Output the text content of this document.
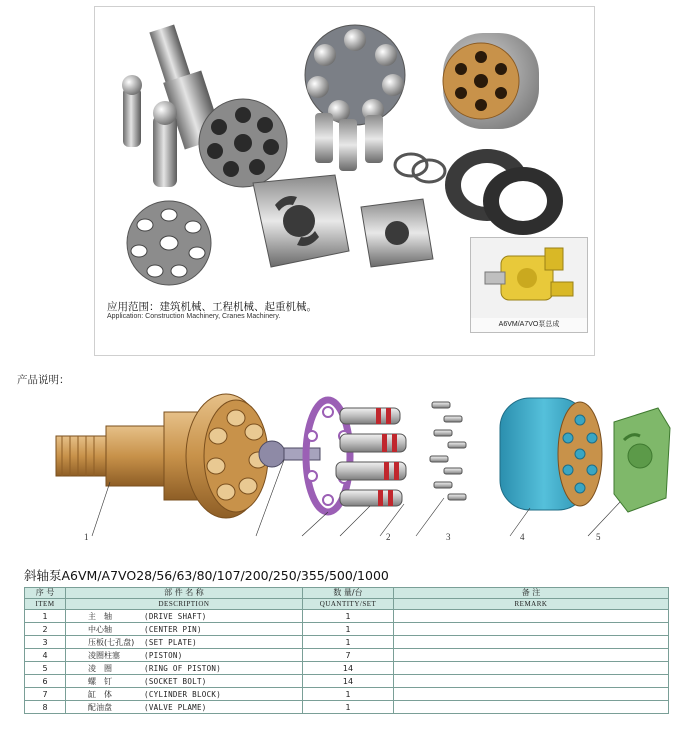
应用范围：建筑机械、工程机械、起重机械。
Application: Construction Machinery, Cranes Machinery.
A6VM/A7VO泵总成
产品说明：
1	2	3	4	5
斜轴泵A6VM/A7VO28/56/63/80/107/200/250/355/500/1000
序 号	部 件 名 称	数 量/台	备 注
ITEM	DESCRIPTION	QUANTITY/SET	REMARK
1	主　轴 (DRIVE SHAFT)	1	
2	中心轴 (CENTER PIN)	1	
3	压板(七孔盘) (SET PLATE)	1	
4	凌圈柱塞 (PISTON)	7	
5	凌　圈 (RING OF PISTON)	14	
6	螺　钉 (SOCKET BOLT)	14	
7	缸　体 (CYLINDER BLOCK)	1	
8	配油盘 (VALVE PLAME)	1	
